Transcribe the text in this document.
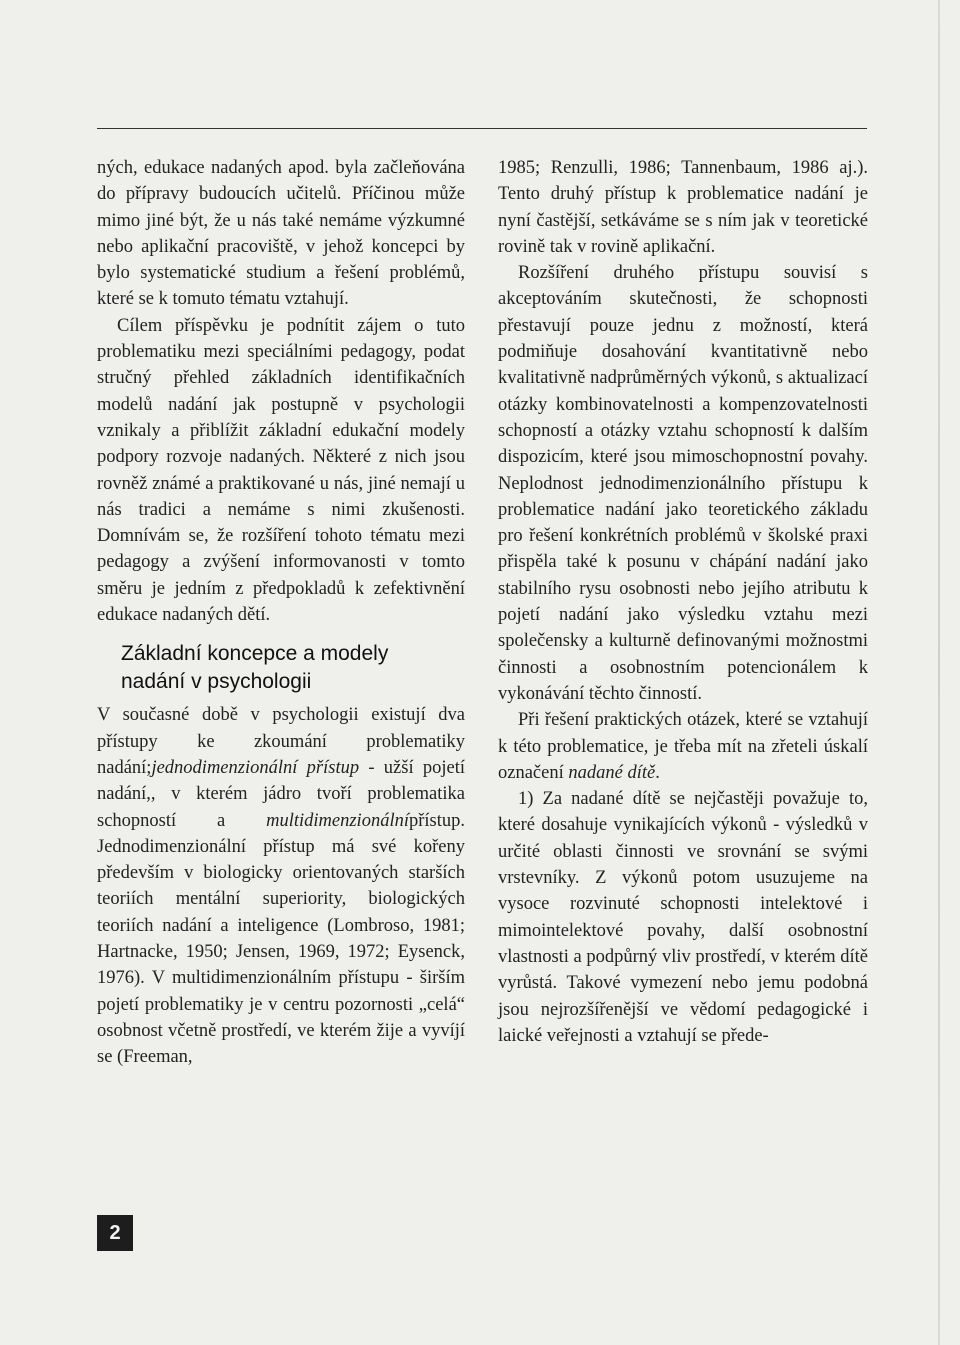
ných, edukace nadaných apod. byla začleňována do přípravy budoucích učitelů. Příčinou může mimo jiné být, že u nás také nemáme výzkumné nebo aplikační pracoviště, v jehož koncepci by bylo systematické studium a řešení problémů, které se k tomuto tématu vztahují.

Cílem příspěvku je podnítit zájem o tuto problematiku mezi speciálními pedagogy, podat stručný přehled základních identifikačních modelů nadání jak postupně v psychologii vznikaly a přiblížit základní edukační modely podpory rozvoje nadaných. Některé z nich jsou rovněž známé a praktikované u nás, jiné nemají u nás tradici a nemáme s nimi zkušenosti. Domnívám se, že rozšíření tohoto tématu mezi pedagogy a zvýšení informovanosti v tomto směru je jedním z předpokladů k zefektivnění edukace nadaných dětí.

Základní koncepce a modely
nadání v psychologii

V současné době v psychologii existují dva přístupy ke zkoumání problematiky nadání;jednodimenzionální přístup - užší pojetí nadání,, v kterém jádro tvoří problematika schopností a multidimenzionálnípřístup. Jednodimenzionální přístup má své kořeny především v biologicky orientovaných starších teoriích mentální superiority, biologických teoriích nadání a inteligence (Lombroso, 1981; Hartnacke, 1950; Jensen, 1969, 1972; Eysenck, 1976). V multidimenzionálním přístupu - širším pojetí problematiky je v centru pozornosti „celá“ osobnost včetně prostředí, ve kterém žije a vyvíjí se (Freeman,

1985; Renzulli, 1986; Tannenbaum, 1986 aj.). Tento druhý přístup k problematice nadání je nyní častější, setkáváme se s ním jak v teoretické rovině tak v rovině aplikační.

Rozšíření druhého přístupu souvisí s akceptováním skutečnosti, že schopnosti přestavují pouze jednu z možností, která podmiňuje dosahování kvantitativně nebo kvalitativně nadprůměrných výkonů, s aktualizací otázky kombinovatelnosti a kompenzovatelnosti schopností a otázky vztahu schopností k dalším dispozicím, které jsou mimoschopnostní povahy. Neplodnost jednodimenzionálního přístupu k problematice nadání jako teoretického základu pro řešení konkrétních problémů v školské praxi přispěla také k posunu v chápání nadání jako stabilního rysu osobnosti nebo jejího atributu k pojetí nadání jako výsledku vztahu mezi společensky a kulturně definovanými možnostmi činnosti a osobnostním potencionálem k vykonávání těchto činností.

Při řešení praktických otázek, které se vztahují k této problematice, je třeba mít na zřeteli úskalí označení nadané dítě.

1) Za nadané dítě se nejčastěji považuje to, které dosahuje vynikajících výkonů - výsledků v určité oblasti činnosti ve srovnání se svými vrstevníky. Z výkonů potom usuzujeme na vysoce rozvinuté schopnosti intelektové i mimointelektové povahy, další osobnostní vlastnosti a podpůrný vliv prostředí, v kterém dítě vyrůstá. Takové vymezení nebo jemu podobná jsou nejrozšířenější ve vědomí pedagogické i laické veřejnosti a vztahují se přede-

2
